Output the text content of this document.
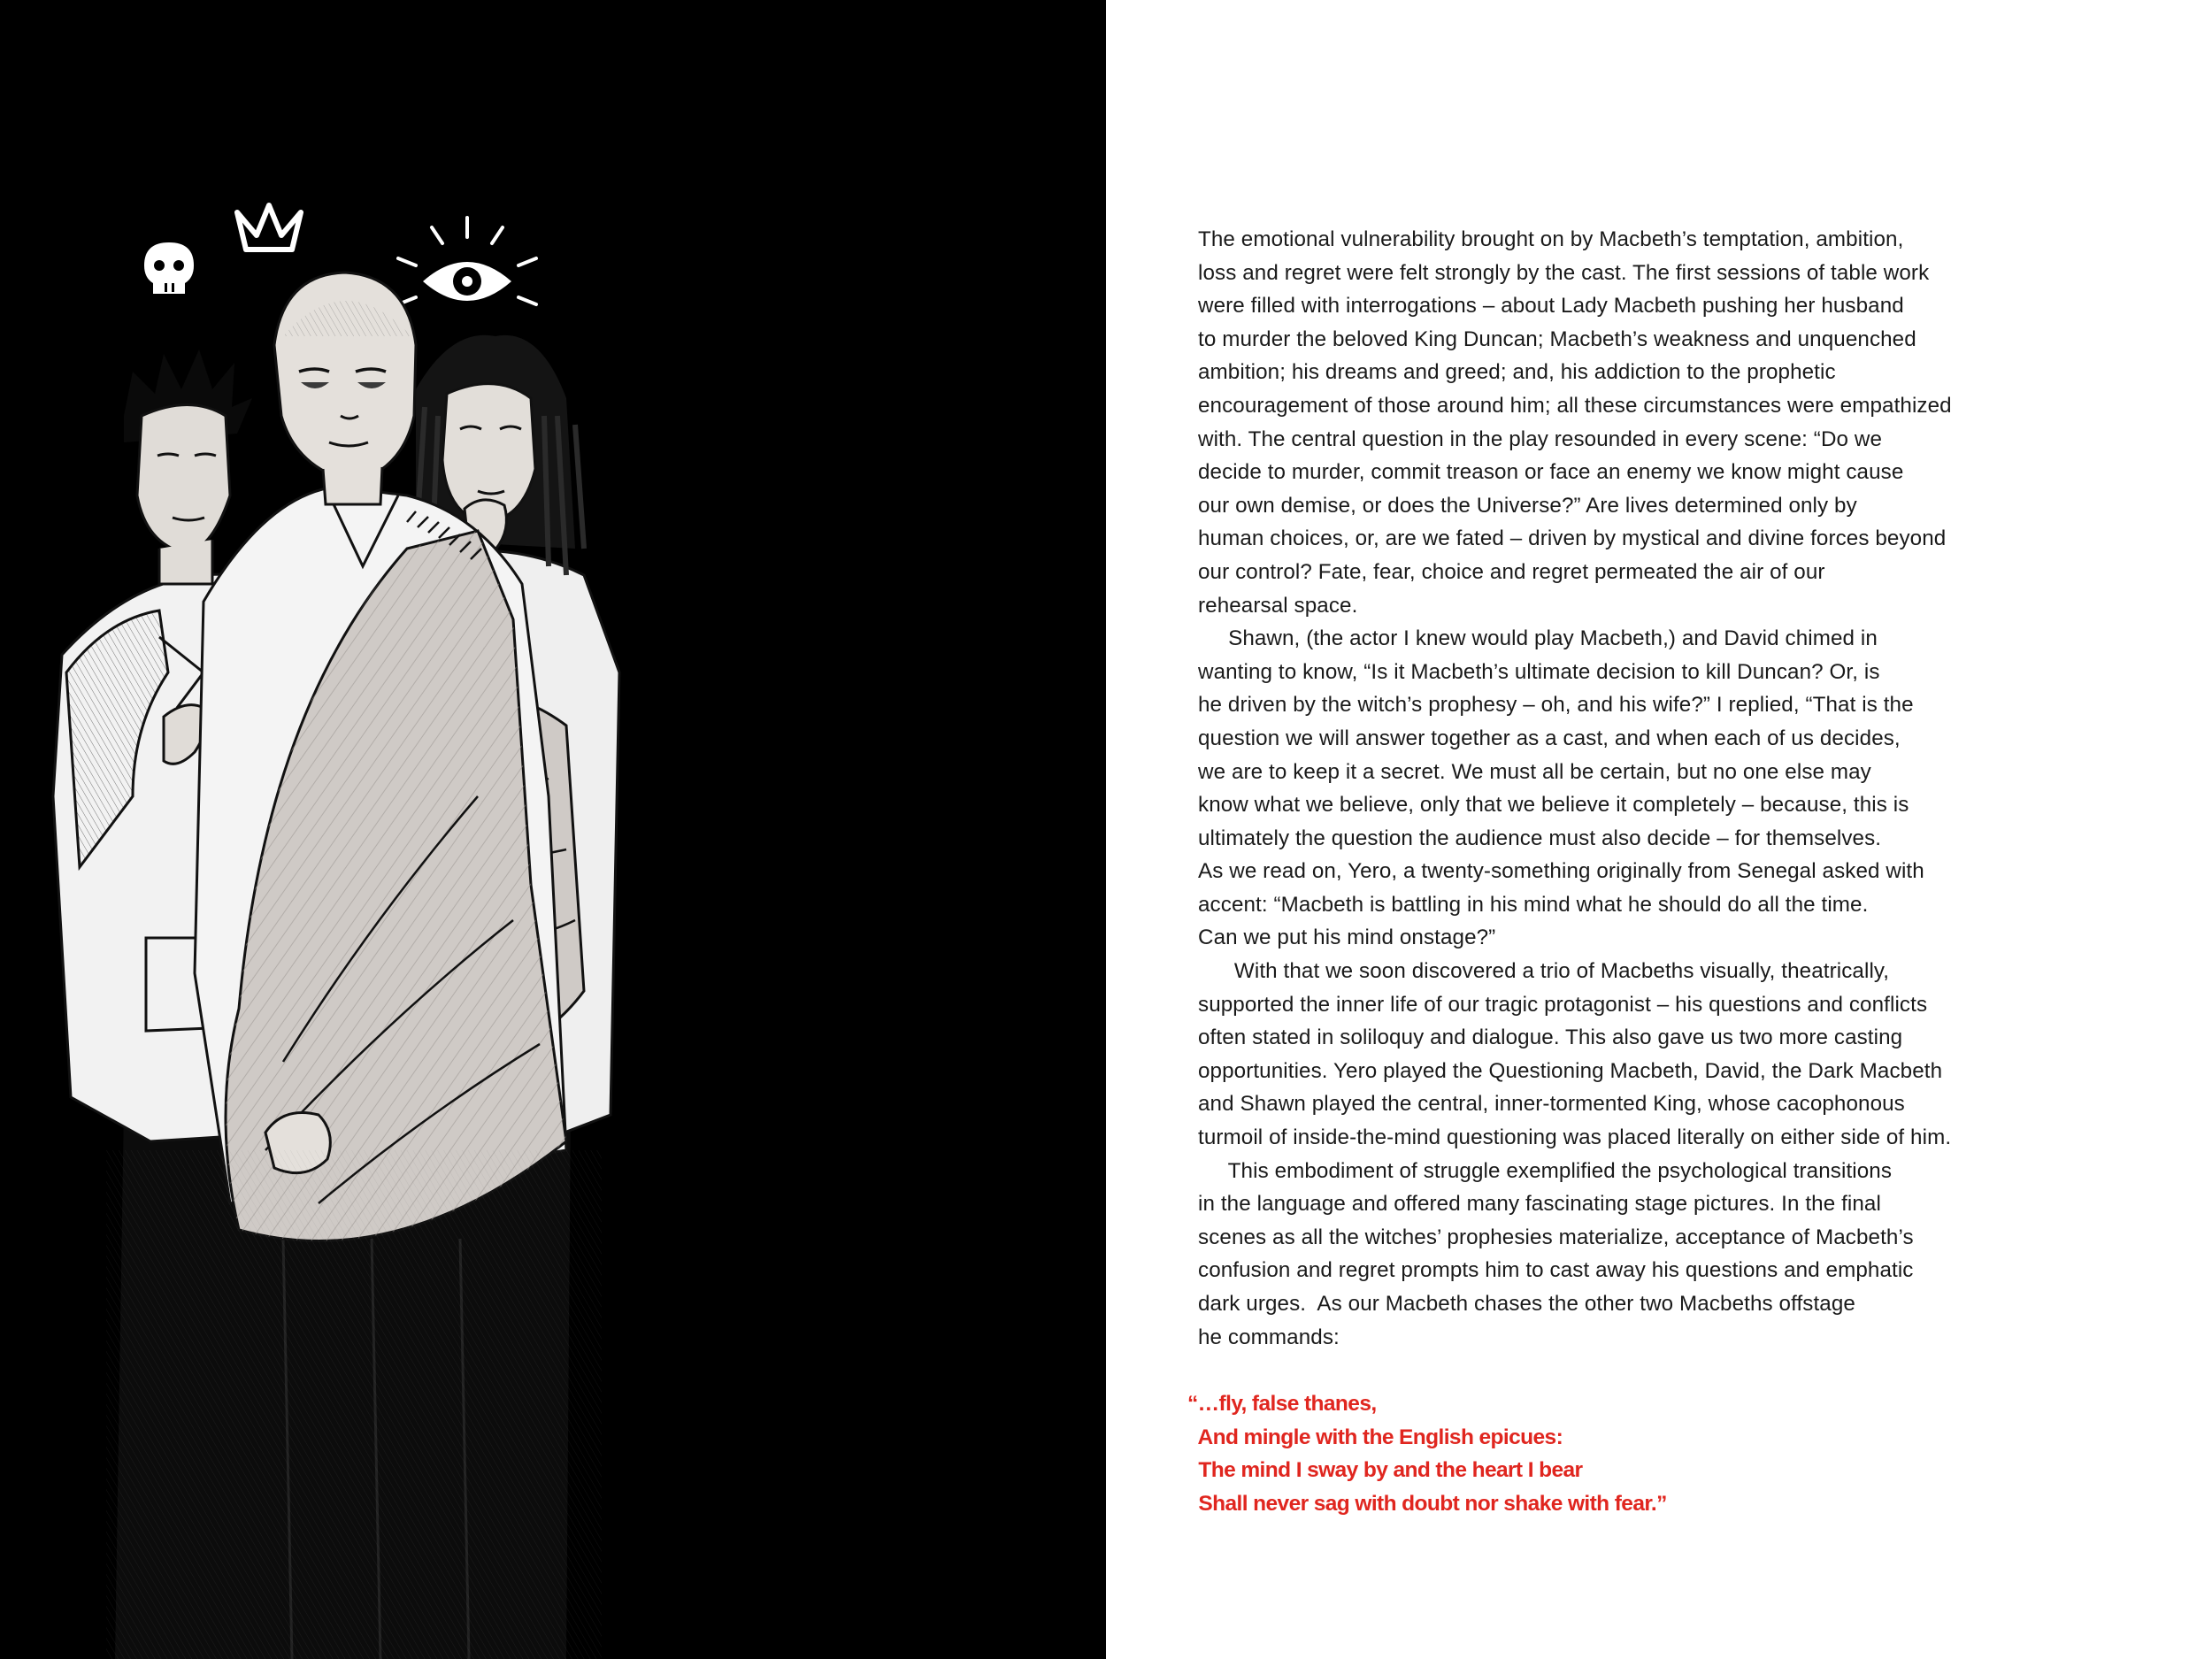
The emotional vulnerability brought on by Macbeth’s temptation, ambition,
loss and regret were felt strongly by the cast. The first sessions of table work
were filled with interrogations – about Lady Macbeth pushing her husband
to murder the beloved King Duncan; Macbeth’s weakness and unquenched
ambition; his dreams and greed; and, his addiction to the prophetic
encouragement of those around him; all these circumstances were empathized
with. The central question in the play resounded in every scene: “Do we
decide to murder, commit treason or face an enemy we know might cause
our own demise, or does the Universe?” Are lives determined only by
human choices, or, are we fated – driven by mystical and divine forces beyond
our control? Fate, fear, choice and regret permeated the air of our
rehearsal space.
Shawn, (the actor I knew would play Macbeth,) and David chimed in
wanting to know, “Is it Macbeth’s ultimate decision to kill Duncan? Or, is
he driven by the witch’s prophesy – oh, and his wife?” I replied, “That is the
question we will answer together as a cast, and when each of us decides,
we are to keep it a secret. We must all be certain, but no one else may
know what we believe, only that we believe it completely – because, this is
ultimately the question the audience must also decide – for themselves.
As we read on, Yero, a twenty-something originally from Senegal asked with
accent: “Macbeth is battling in his mind what he should do all the time.
Can we put his mind onstage?”
With that we soon discovered a trio of Macbeths visually, theatrically,
supported the inner life of our tragic protagonist – his questions and conflicts
often stated in soliloquy and dialogue. This also gave us two more casting
opportunities. Yero played the Questioning Macbeth, David, the Dark Macbeth
and Shawn played the central, inner-tormented King, whose cacophonous
turmoil of inside-the-mind questioning was placed literally on either side of him.
This embodiment of struggle exemplified the psychological transitions
in the language and offered many fascinating stage pictures. In the final
scenes as all the witches’ prophesies materialize, acceptance of Macbeth’s
confusion and regret prompts him to cast away his questions and emphatic
dark urges.  As our Macbeth chases the other two Macbeths offstage
he commands:
“…fly, false thanes,
And mingle with the English epicues:
The mind I sway by and the heart I bear
Shall never sag with doubt nor shake with fear.”
